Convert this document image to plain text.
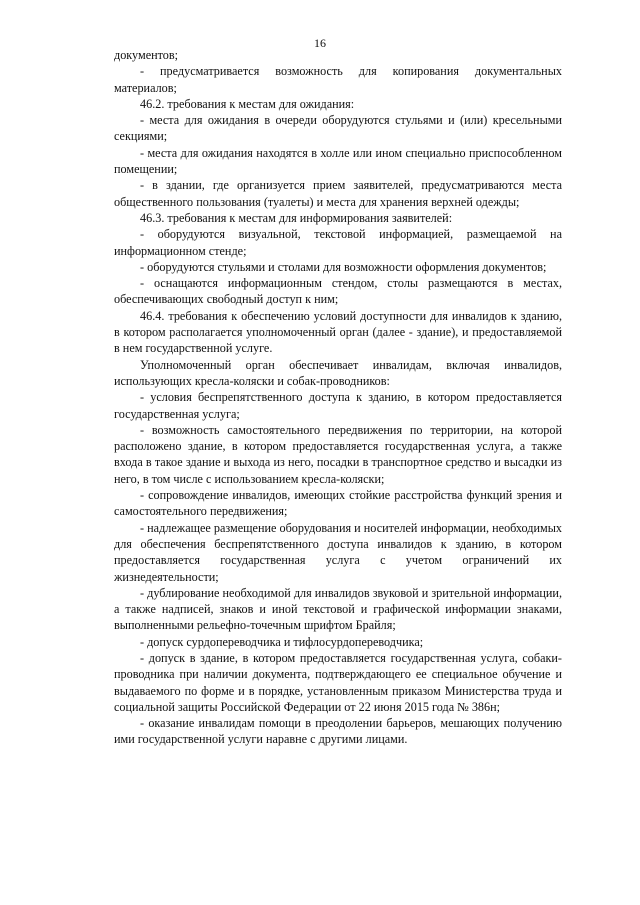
16

документов;

- предусматривается возможность для копирования документальных материалов;

46.2. требования к местам для ожидания:

- места для ожидания в очереди оборудуются стульями и (или) кресельными секциями;

- места для ожидания находятся в холле или ином специально приспособленном помещении;

- в здании, где организуется прием заявителей, предусматриваются места общественного пользования (туалеты) и места для хранения верхней одежды;

46.3. требования к местам для информирования заявителей:

- оборудуются визуальной, текстовой информацией, размещаемой на информационном стенде;

- оборудуются стульями и столами для возможности оформления документов;

- оснащаются информационным стендом, столы размещаются в местах, обеспечивающих свободный доступ к ним;

46.4. требования к обеспечению условий доступности для инвалидов к зданию, в котором располагается уполномоченный орган (далее - здание), и предоставляемой в нем государственной услуге.

Уполномоченный орган обеспечивает инвалидам, включая инвалидов, использующих кресла-коляски и собак-проводников:

- условия беспрепятственного доступа к зданию, в котором предоставляется государственная услуга;

- возможность самостоятельного передвижения по территории, на которой расположено здание, в котором предоставляется государственная услуга, а также входа в такое здание и выхода из него, посадки в транспортное средство и высадки из него, в том числе с использованием кресла-коляски;

- сопровождение инвалидов, имеющих стойкие расстройства функций зрения и самостоятельного передвижения;

- надлежащее размещение оборудования и носителей информации, необходимых для обеспечения беспрепятственного доступа инвалидов к зданию, в котором предоставляется государственная услуга с учетом ограничений их жизнедеятельности;

- дублирование необходимой для инвалидов звуковой и зрительной информации, а также надписей, знаков и иной текстовой и графической информации знаками, выполненными рельефно-точечным шрифтом Брайля;

- допуск сурдопереводчика и тифлосурдопереводчика;

- допуск в здание, в котором предоставляется государственная услуга, собаки-проводника при наличии документа, подтверждающего ее специальное обучение и выдаваемого по форме и в порядке, установленным приказом Министерства труда и социальной защиты Российской Федерации от 22 июня 2015 года № 386н;

- оказание инвалидам помощи в преодолении барьеров, мешающих получению ими государственной услуги наравне с другими лицами.
